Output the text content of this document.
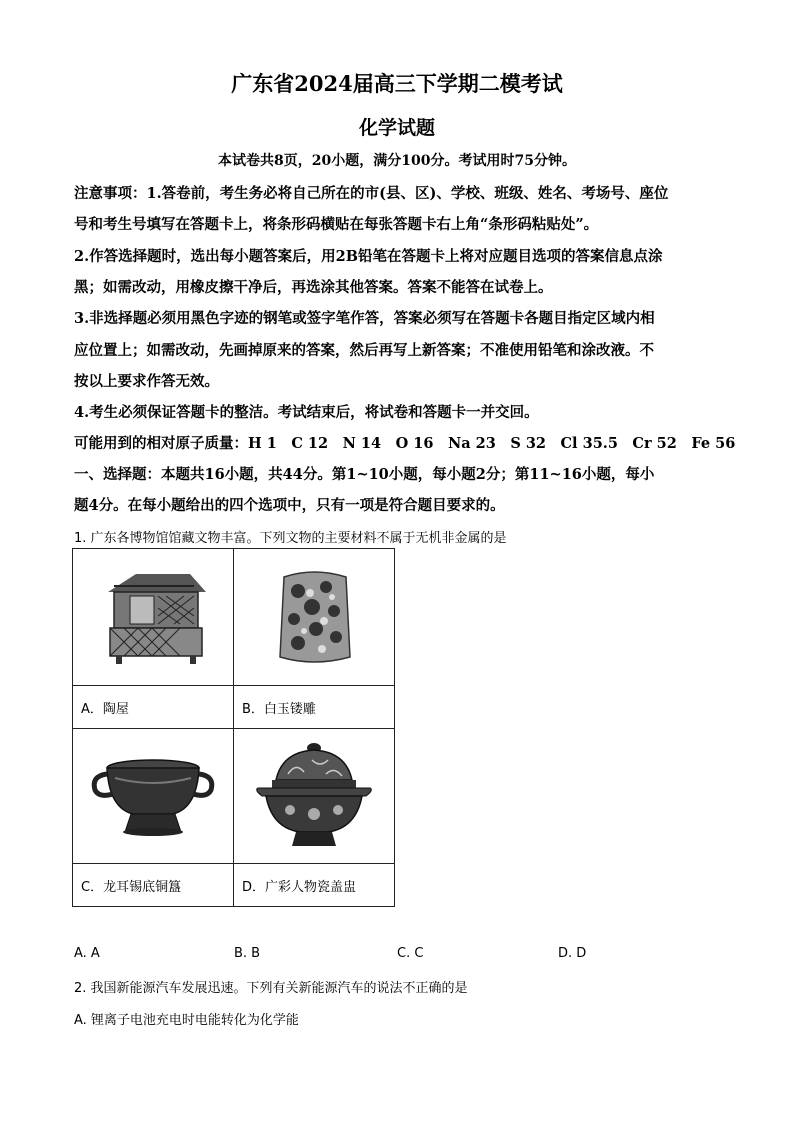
广东省2024届高三下学期二模考试
化学试题
本试卷共8页，20小题，满分100分。考试用时75分钟。
注意事项：1.答卷前，考生务必将自己所在的市(县、区)、学校、班级、姓名、考场号、座位
号和考生号填写在答题卡上，将条形码横贴在每张答题卡右上角“条形码粘贴处”。
2.作答选择题时，选出每小题答案后，用2B铅笔在答题卡上将对应题目选项的答案信息点涂
黑；如需改动，用橡皮擦干净后，再选涂其他答案。答案不能答在试卷上。
3.非选择题必须用黑色字迹的钢笔或签字笔作答，答案必须写在答题卡各题目指定区域内相
应位置上；如需改动，先画掉原来的答案，然后再写上新答案；不准使用铅笔和涂改液。不
按以上要求作答无效。
4.考生必须保证答题卡的整洁。考试结束后，将试卷和答题卡一并交回。
可能用到的相对原子质量：H 1　C 12　N 14　O 16　Na 23　S 32　Cl 35.5　Cr 52　Fe 56
一、选择题：本题共16小题，共44分。第1~10小题，每小题2分；第11~16小题，每小
题4分。在每小题给出的四个选项中，只有一项是符合题目要求的。
1. 广东各博物馆馆藏文物丰富。下列文物的主要材料不属于无机非金属的是

A．陶屋	B．白玉镂雕

C．龙耳锡底铜簋	D．广彩人物瓷盖盅
A. A	B. B	C. C	D. D
2. 我国新能源汽车发展迅速。下列有关新能源汽车的说法不正确的是
A. 锂离子电池充电时电能转化为化学能
